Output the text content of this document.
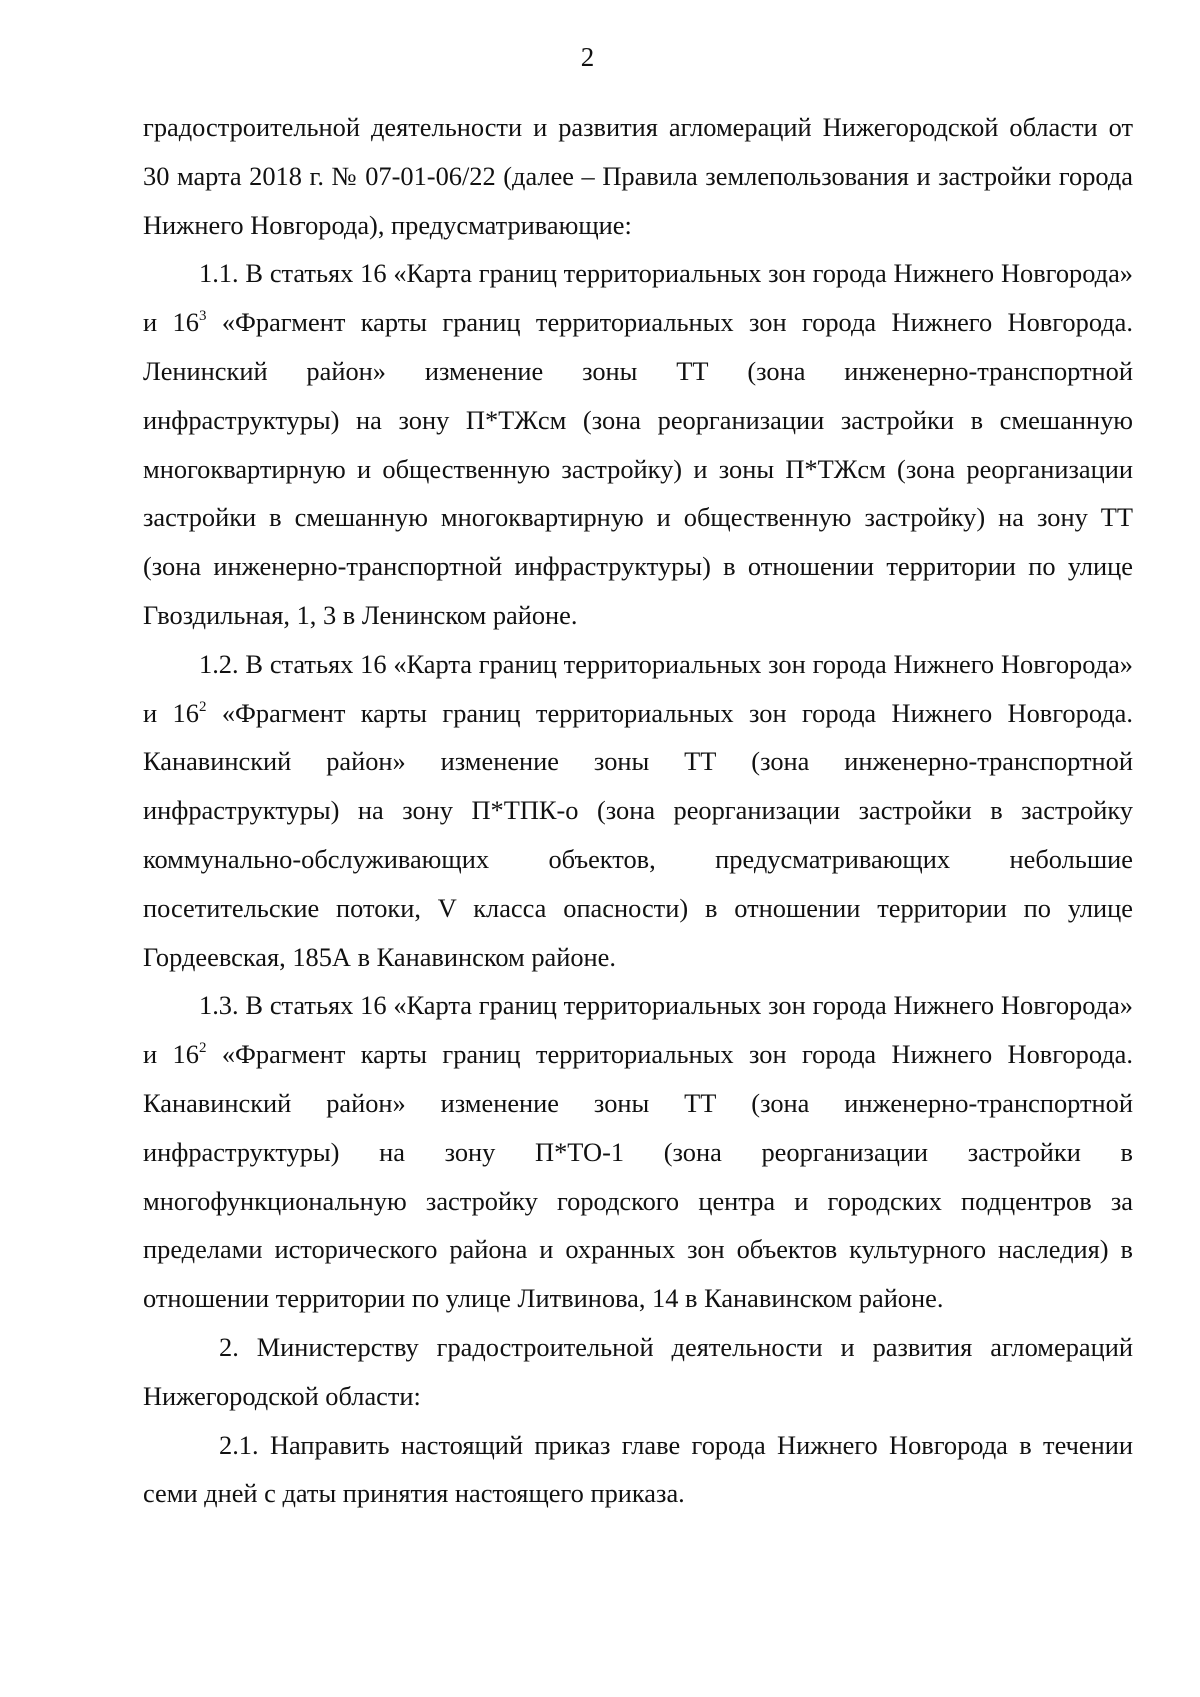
2

градостроительной деятельности и развития агломераций Нижегородской области от 30 марта 2018 г. № 07-01-06/22 (далее – Правила землепользования и застройки города Нижнего Новгорода), предусматривающие:

1.1. В статьях 16 «Карта границ территориальных зон города Нижнего Новгорода» и $16^3$ «Фрагмент карты границ территориальных зон города Нижнего Новгорода. Ленинский район» изменение зоны ТТ (зона инженерно-транспортной инфраструктуры) на зону П*ТЖсм (зона реорганизации застройки в смешанную многоквартирную и общественную застройку) и зоны П*ТЖсм (зона реорганизации застройки в смешанную многоквартирную и общественную застройку) на зону ТТ (зона инженерно-транспортной инфраструктуры) в отношении территории по улице Гвоздильная, 1, 3 в Ленинском районе.

1.2. В статьях 16 «Карта границ территориальных зон города Нижнего Новгорода» и $16^2$ «Фрагмент карты границ территориальных зон города Нижнего Новгорода. Канавинский район» изменение зоны ТТ (зона инженерно-транспортной инфраструктуры) на зону П*ТПК-о (зона реорганизации застройки в застройку коммунально-обслуживающих объектов, предусматривающих небольшие посетительские потоки, V класса опасности) в отношении территории по улице Гордеевская, 185А в Канавинском районе.

1.3. В статьях 16 «Карта границ территориальных зон города Нижнего Новгорода» и $16^2$ «Фрагмент карты границ территориальных зон города Нижнего Новгорода. Канавинский район» изменение зоны ТТ (зона инженерно-транспортной инфраструктуры) на зону П*ТО-1 (зона реорганизации застройки в многофункциональную застройку городского центра и городских подцентров за пределами исторического района и охранных зон объектов культурного наследия) в отношении территории по улице Литвинова, 14 в Канавинском районе.

2. Министерству градостроительной деятельности и развития агломераций Нижегородской области:

2.1. Направить настоящий приказ главе города Нижнего Новгорода в течении семи дней с даты принятия настоящего приказа.
